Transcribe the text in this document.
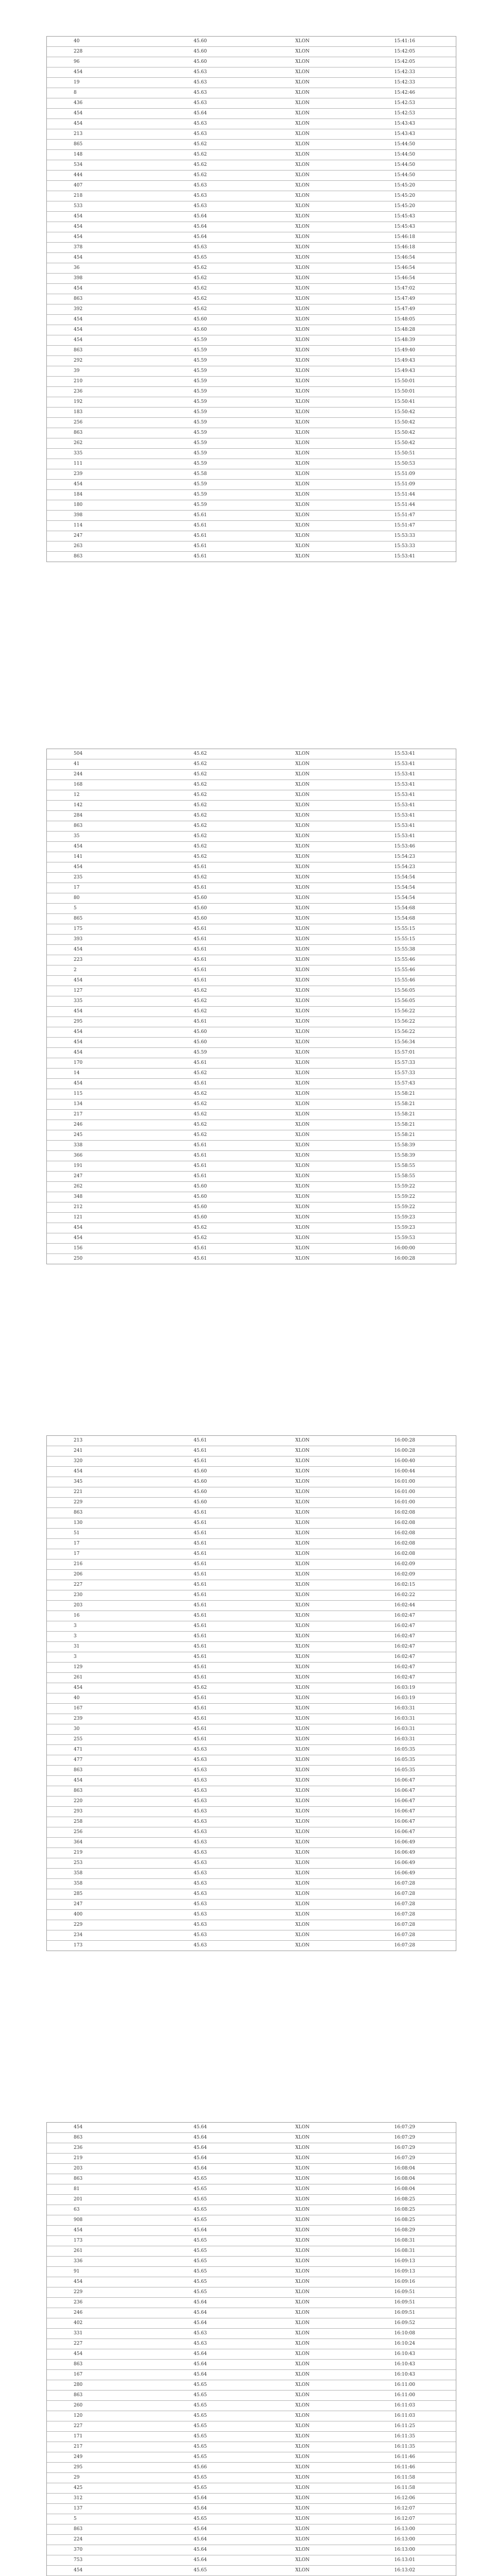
40	45.60	XLON	15:41:16
228	45.60	XLON	15:42:05
96	45.60	XLON	15:42:05
454	45.63	XLON	15:42:33
19	45.63	XLON	15:42:33
8	45.63	XLON	15:42:46
436	45.63	XLON	15:42:53
454	45.64	XLON	15:42:53
454	45.63	XLON	15:43:43
213	45.63	XLON	15:43:43
865	45.62	XLON	15:44:50
148	45.62	XLON	15:44:50
534	45.62	XLON	15:44:50
444	45.62	XLON	15:44:50
407	45.63	XLON	15:45:20
218	45.63	XLON	15:45:20
533	45.63	XLON	15:45:20
454	45.64	XLON	15:45:43
454	45.64	XLON	15:45:43
454	45.64	XLON	15:46:18
378	45.63	XLON	15:46:18
454	45.65	XLON	15:46:54
36	45.62	XLON	15:46:54
398	45.62	XLON	15:46:54
454	45.62	XLON	15:47:02
863	45.62	XLON	15:47:49
392	45.62	XLON	15:47:49
454	45.60	XLON	15:48:05
454	45.60	XLON	15:48:28
454	45.59	XLON	15:48:39
863	45.59	XLON	15:49:40
292	45.59	XLON	15:49:43
39	45.59	XLON	15:49:43
210	45.59	XLON	15:50:01
236	45.59	XLON	15:50:01
192	45.59	XLON	15:50:41
183	45.59	XLON	15:50:42
256	45.59	XLON	15:50:42
863	45.59	XLON	15:50:42
262	45.59	XLON	15:50:42
335	45.59	XLON	15:50:51
111	45.59	XLON	15:50:53
239	45.58	XLON	15:51:09
454	45.59	XLON	15:51:09
184	45.59	XLON	15:51:44
180	45.59	XLON	15:51:44
398	45.61	XLON	15:51:47
114	45.61	XLON	15:51:47
247	45.61	XLON	15:53:33
263	45.61	XLON	15:53:33
863	45.61	XLON	15:53:41
504	45.62	XLON	15:53:41
41	45.62	XLON	15:53:41
244	45.62	XLON	15:53:41
168	45.62	XLON	15:53:41
12	45.62	XLON	15:53:41
142	45.62	XLON	15:53:41
284	45.62	XLON	15:53:41
863	45.62	XLON	15:53:41
35	45.62	XLON	15:53:41
454	45.62	XLON	15:53:46
141	45.62	XLON	15:54:23
454	45.61	XLON	15:54:23
235	45.62	XLON	15:54:54
17	45.61	XLON	15:54:54
80	45.60	XLON	15:54:54
5	45.60	XLON	15:54:68
865	45.60	XLON	15:54:68
175	45.61	XLON	15:55:15
393	45.61	XLON	15:55:15
454	45.61	XLON	15:55:38
223	45.61	XLON	15:55:46
2	45.61	XLON	15:55:46
454	45.61	XLON	15:55:46
127	45.62	XLON	15:56:05
335	45.62	XLON	15:56:05
454	45.62	XLON	15:56:22
295	45.61	XLON	15:56:22
454	45.60	XLON	15:56:22
454	45.60	XLON	15:56:34
454	45.59	XLON	15:57:01
170	45.61	XLON	15:57:33
14	45.62	XLON	15:57:33
454	45.61	XLON	15:57:43
115	45.62	XLON	15:58:21
134	45.62	XLON	15:58:21
217	45.62	XLON	15:58:21
246	45.62	XLON	15:58:21
245	45.62	XLON	15:58:21
338	45.61	XLON	15:58:39
366	45.61	XLON	15:58:39
191	45.61	XLON	15:58:55
247	45.61	XLON	15:58:55
262	45.60	XLON	15:59:22
348	45.60	XLON	15:59:22
212	45.60	XLON	15:59:22
121	45.60	XLON	15:59:23
454	45.62	XLON	15:59:23
454	45.62	XLON	15:59:53
156	45.61	XLON	16:00:00
250	45.61	XLON	16:00:28
213	45.61	XLON	16:00:28
241	45.61	XLON	16:00:28
320	45.61	XLON	16:00:40
454	45.60	XLON	16:00:44
345	45.60	XLON	16:01:00
221	45.60	XLON	16:01:00
229	45.60	XLON	16:01:00
863	45.61	XLON	16:02:08
130	45.61	XLON	16:02:08
51	45.61	XLON	16:02:08
17	45.61	XLON	16:02:08
17	45.61	XLON	16:02:08
216	45.61	XLON	16:02:09
206	45.61	XLON	16:02:09
227	45.61	XLON	16:02:15
230	45.61	XLON	16:02:22
203	45.61	XLON	16:02:44
16	45.61	XLON	16:02:47
3	45.61	XLON	16:02:47
3	45.61	XLON	16:02:47
31	45.61	XLON	16:02:47
3	45.61	XLON	16:02:47
129	45.61	XLON	16:02:47
261	45.61	XLON	16:02:47
454	45.62	XLON	16:03:19
40	45.61	XLON	16:03:19
167	45.61	XLON	16:03:31
239	45.61	XLON	16:03:31
30	45.61	XLON	16:03:31
255	45.61	XLON	16:03:31
471	45.63	XLON	16:05:35
477	45.63	XLON	16:05:35
863	45.63	XLON	16:05:35
454	45.63	XLON	16:06:47
863	45.63	XLON	16:06:47
220	45.63	XLON	16:06:47
293	45.63	XLON	16:06:47
258	45.63	XLON	16:06:47
256	45.63	XLON	16:06:47
364	45.63	XLON	16:06:49
219	45.63	XLON	16:06:49
253	45.63	XLON	16:06:49
358	45.63	XLON	16:06:49
358	45.63	XLON	16:07:28
285	45.63	XLON	16:07:28
247	45.63	XLON	16:07:28
400	45.63	XLON	16:07:28
229	45.63	XLON	16:07:28
234	45.63	XLON	16:07:28
173	45.63	XLON	16:07:28
454	45.64	XLON	16:07:29
863	45.64	XLON	16:07:29
236	45.64	XLON	16:07:29
219	45.64	XLON	16:07:29
203	45.64	XLON	16:08:04
863	45.65	XLON	16:08:04
81	45.65	XLON	16:08:04
201	45.65	XLON	16:08:25
63	45.65	XLON	16:08:25
908	45.65	XLON	16:08:25
454	45.64	XLON	16:08:29
173	45.65	XLON	16:08:31
261	45.65	XLON	16:08:31
336	45.65	XLON	16:09:13
91	45.65	XLON	16:09:13
454	45.65	XLON	16:09:16
229	45.65	XLON	16:09:51
236	45.64	XLON	16:09:51
246	45.64	XLON	16:09:51
402	45.64	XLON	16:09:52
331	45.63	XLON	16:10:08
227	45.63	XLON	16:10:24
454	45.64	XLON	16:10:43
863	45.64	XLON	16:10:43
167	45.64	XLON	16:10:43
280	45.65	XLON	16:11:00
863	45.65	XLON	16:11:00
260	45.65	XLON	16:11:03
120	45.65	XLON	16:11:03
227	45.65	XLON	16:11:25
171	45.65	XLON	16:11:35
217	45.65	XLON	16:11:35
249	45.65	XLON	16:11:46
295	45.66	XLON	16:11:46
29	45.65	XLON	16:11:58
425	45.65	XLON	16:11:58
312	45.64	XLON	16:12:06
137	45.64	XLON	16:12:07
5	45.65	XLON	16:12:07
863	45.64	XLON	16:13:00
224	45.64	XLON	16:13:00
370	45.64	XLON	16:13:00
753	45.64	XLON	16:13:01
454	45.65	XLON	16:13:02
